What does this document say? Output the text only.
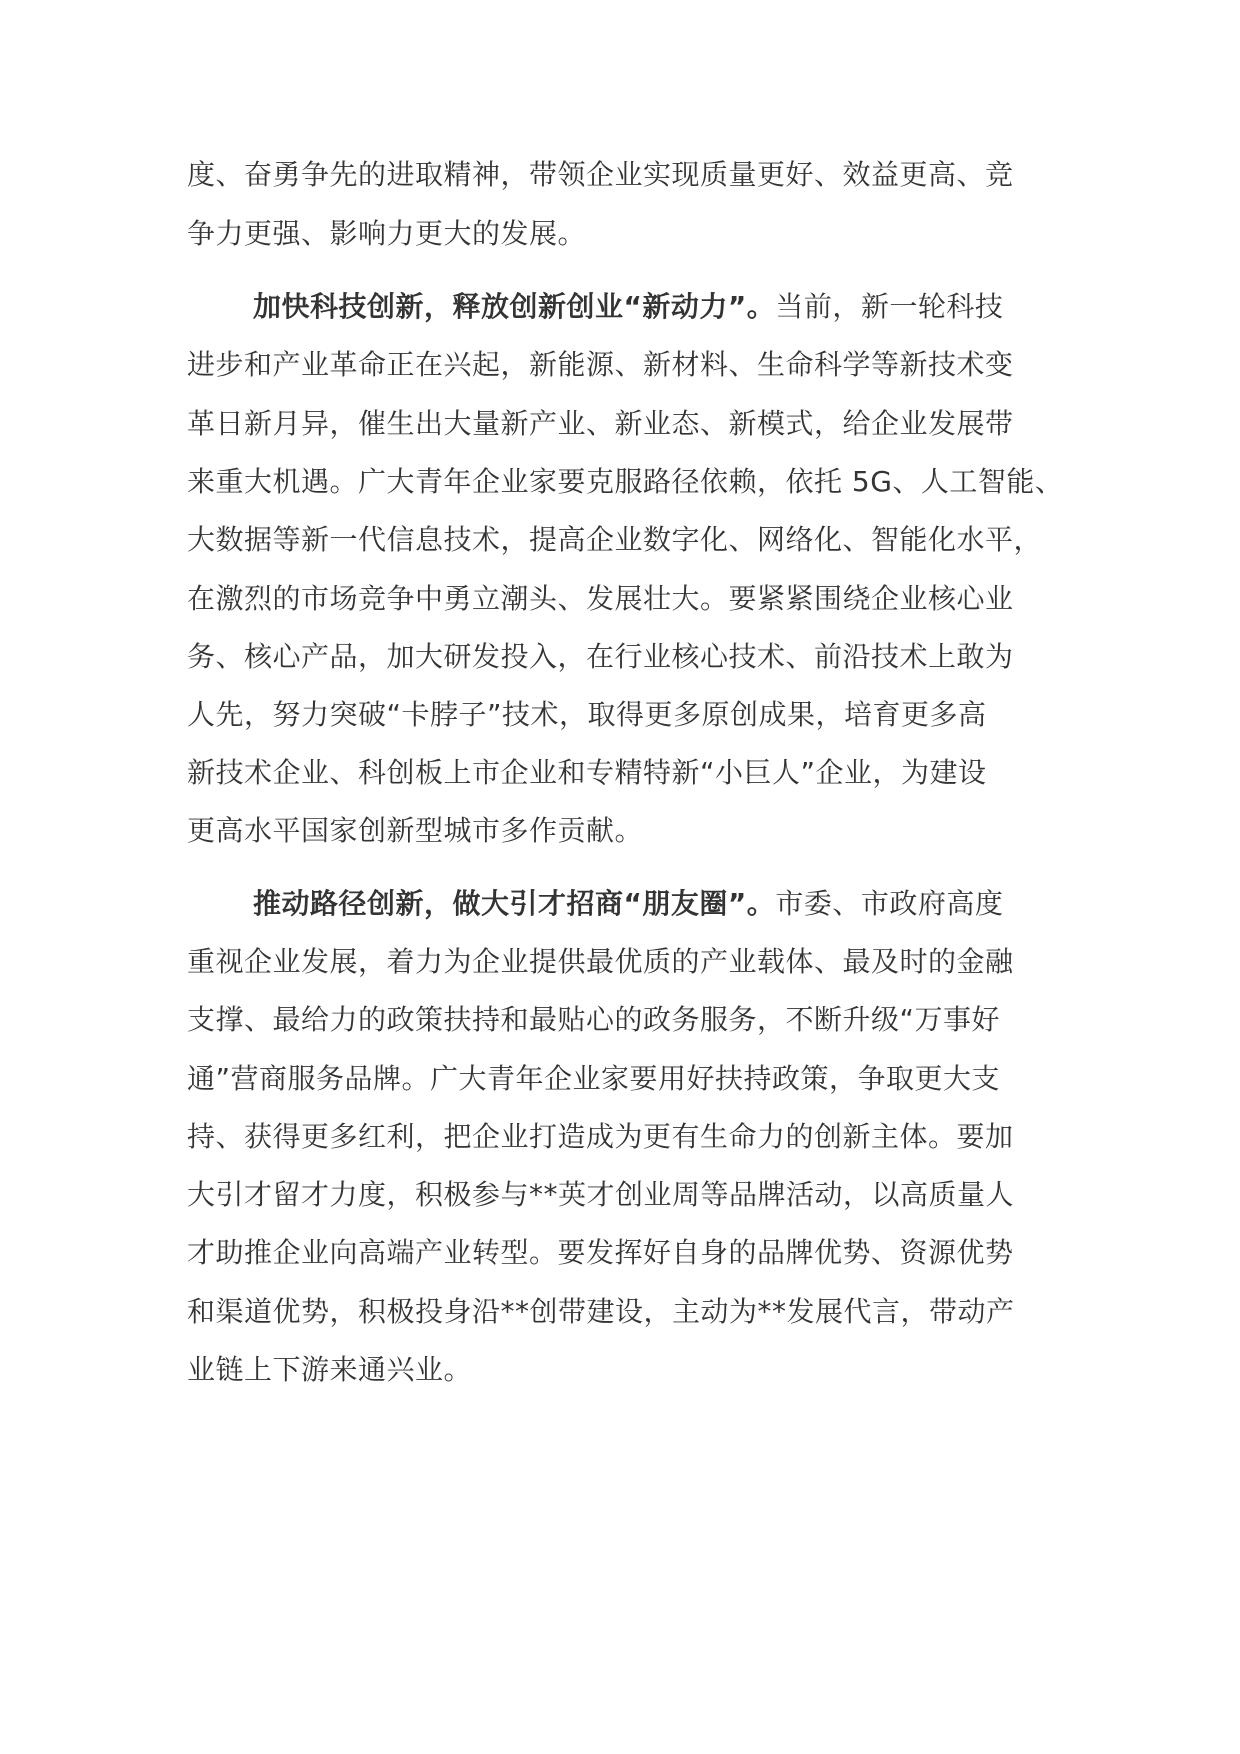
度、奋勇争先的进取精神，带领企业实现质量更好、效益更高、竞
争力更强、影响力更大的发展。
加快科技创新，释放创新创业“新动力”。当前，新一轮科技
进步和产业革命正在兴起，新能源、新材料、生命科学等新技术变
革日新月异，催生出大量新产业、新业态、新模式，给企业发展带
来重大机遇。广大青年企业家要克服路径依赖，依托 5G、人工智能、
大数据等新一代信息技术，提高企业数字化、网络化、智能化水平，
在激烈的市场竞争中勇立潮头、发展壮大。要紧紧围绕企业核心业
务、核心产品，加大研发投入，在行业核心技术、前沿技术上敢为
人先，努力突破“卡脖子”技术，取得更多原创成果，培育更多高
新技术企业、科创板上市企业和专精特新“小巨人”企业，为建设
更高水平国家创新型城市多作贡献。
推动路径创新，做大引才招商“朋友圈”。市委、市政府高度
重视企业发展，着力为企业提供最优质的产业载体、最及时的金融
支撑、最给力的政策扶持和最贴心的政务服务，不断升级“万事好
通”营商服务品牌。广大青年企业家要用好扶持政策，争取更大支
持、获得更多红利，把企业打造成为更有生命力的创新主体。要加
大引才留才力度，积极参与**英才创业周等品牌活动，以高质量人
才助推企业向高端产业转型。要发挥好自身的品牌优势、资源优势
和渠道优势，积极投身沿**创带建设，主动为**发展代言，带动产
业链上下游来通兴业。
